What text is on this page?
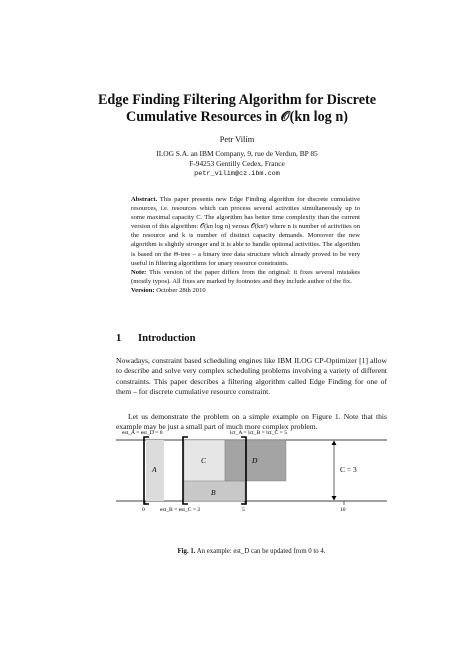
Edge Finding Filtering Algorithm for Discrete
Cumulative Resources in 𝒪(kn log n)
Petr Vilím
ILOG S.A. an IBM Company, 9, rue de Verdun, BP 85
F-94253 Gentilly Cedex, France
petr_vilim@cz.ibm.com
Abstract. This paper presents new Edge Finding algorithm for discrete cumulative resources, i.e. resources which can process several activities simultaneously up to some maximal capacity C. The algorithm has better time complexity than the current version of this algorithm: 𝒪(kn log n) versus 𝒪(kn²) where n is number of activities on the resource and k is number of distinct capacity demands. Moreover the new algorithm is slightly stronger and it is able to handle optional activities. The algorithm is based on the Θ-tree – a binary tree data structure which already proved to be very useful in filtering algorithms for unary resource constraints.
Note: This version of the paper differs from the original: it fixes several mistakes (mostly typos). All fixes are marked by footnotes and they include author of the fix.
Version: October 28th 2010
1 Introduction

Nowadays, constraint based scheduling engines like IBM ILOG CP-Optimizer [1] allow to describe and solve very complex scheduling problems involving a variety of different constraints. This paper describes a filtering algorithm called Edge Finding for one of them – for discrete cumulative resource constraint.

Let us demonstrate the problem on a simple example on Figure 1. Note that this example may be just a small part of much more complex problem.

est_A = est_D = 0	lct_A = lct_B = lct_C = 5
A
B
C	D
C = 3
0	5	10
est_B = est_C = 2
Fig. 1. An example: est_D can be updated from 0 to 4.
